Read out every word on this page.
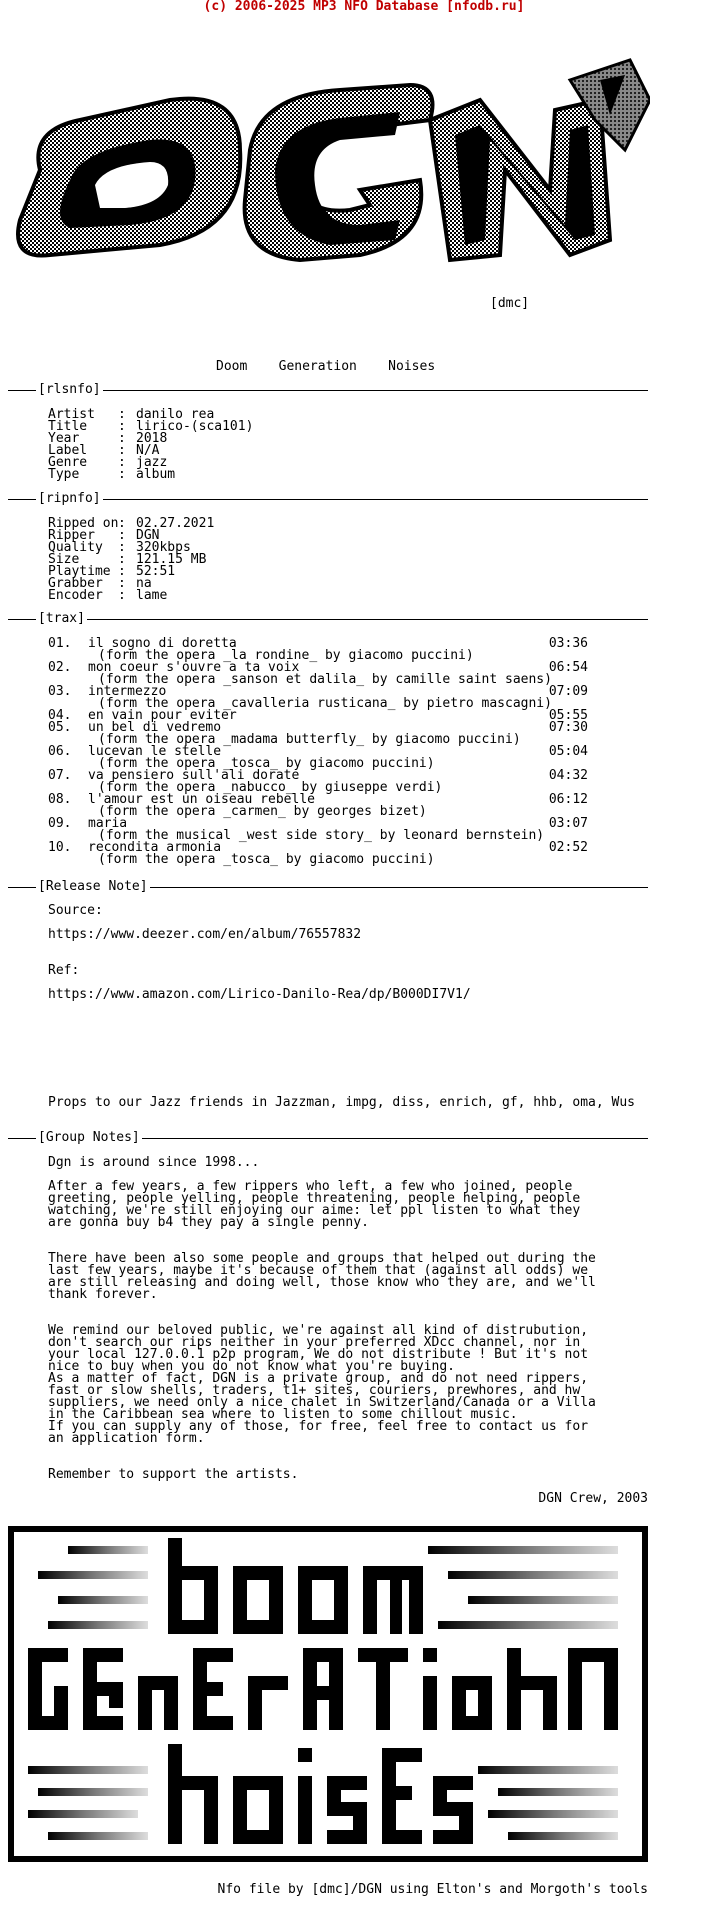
(c) 2006-2025 MP3 NFO Database [nfodb.ru]
[dmc]
Doom    Generation    Noises
[rlsnfo]
Artist	: danilo rea
Title	: lirico-(sca101)
Year	: 2018
Label	: N/A
Genre	: jazz
Type	: album
[ripnfo]
Ripped on : 02.27.2021
Ripper	: DGN
Quality	: 320kbps
Size	: 121.15 MB
Playtime : 52:51
Grabber	: na
Encoder	: lame
[trax]
01.	il sogno di doretta	03:36
(form the opera _la rondine_ by giacomo puccini)
02.	mon coeur s'ouvre a ta voix	06:54
(form the opera _sanson et dalila_ by camille saint saens)
03.	intermezzo	07:09
(form the opera _cavalleria rusticana_ by pietro mascagni)
04.	en vain pour eviter	05:55
05.	un bel di vedremo	07:30
(form the opera _madama butterfly_ by giacomo puccini)
06.	lucevan le stelle	05:04
(form the opera _tosca_ by giacomo puccini)
07.	va pensiero sull'ali dorate	04:32
(form the opera _nabucco_ by giuseppe verdi)
08.	l'amour est un oiseau rebelle	06:12
(form the opera _carmen_ by georges bizet)
09.	maria	03:07
(form the musical _west side story_ by leonard bernstein)
10.	recondita armonia	02:52
(form the opera _tosca_ by giacomo puccini)
[Release Note]
Source:
https://www.deezer.com/en/album/76557832
Ref:
https://www.amazon.com/Lirico-Danilo-Rea/dp/B000DI7V1/
Props to our Jazz friends in Jazzman, impg, diss, enrich, gf, hhb, oma, Wus
[Group Notes]
Dgn is around since 1998...
After a few years, a few rippers who left, a few who joined, people
greeting, people yelling, people threatening, people helping, people
watching, we're still enjoying our aime: let ppl listen to what they
are gonna buy b4 they pay a single penny.
There have been also some people and groups that helped out during the
last few years, maybe it's because of them that (against all odds) we
are still releasing and doing well, those know who they are, and we'll
thank forever.
We remind our beloved public, we're against all kind of distrubution,
don't search our rips neither in your preferred XDcc channel, nor in
your local 127.0.0.1 p2p program, We do not distribute ! But it's not
nice to buy when you do not know what you're buying.
As a matter of fact, DGN is a private group, and do not need rippers,
fast or slow shells, traders, t1+ sites, couriers, prewhores, and hw
suppliers, we need only a nice chalet in Switzerland/Canada or a Villa
in the Caribbean sea where to listen to some chillout music.
If you can supply any of those, for free, feel free to contact us for
an application form.
Remember to support the artists.
DGN Crew, 2003
Nfo file by [dmc]/DGN using Elton's and Morgoth's tools
